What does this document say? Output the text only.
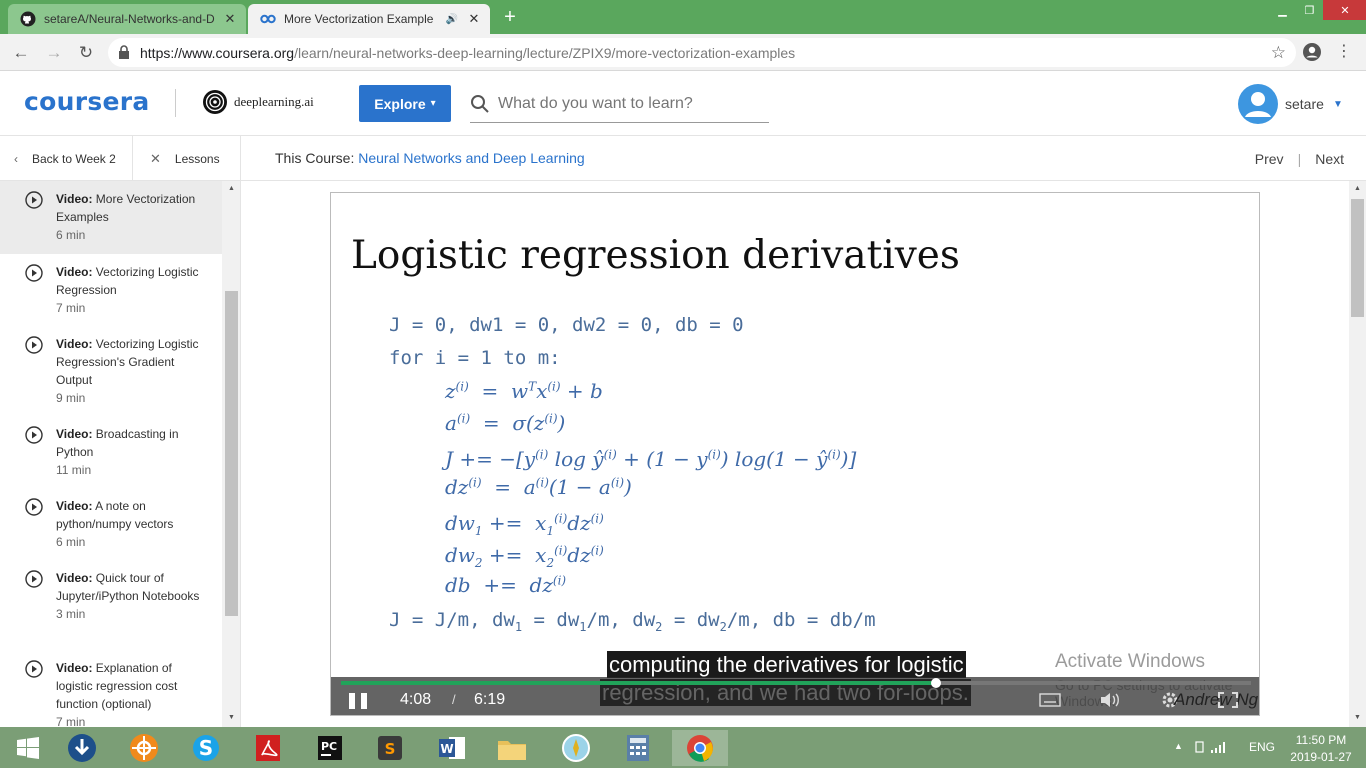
setareA/Neural-Networks-and-D ✕	More Vectorization Example	🔊 ✕	+	▁	❐	✕
← → ↻	https://www.coursera.org /learn/neural-networks-deep-learning/lecture/ZPIX9/more-vectorization-examples	☆	⋮
coursera	deeplearning.ai	Explore ▾
What do you want to learn?	setare ▼
‹ Back to Week 2	✕ Lessons	This Course: Neural Networks and Deep Learning	Prev | Next
Video: More Vectorization Examples
6 min
Video: Vectorizing Logistic Regression
7 min
Video: Vectorizing Logistic Regression's Gradient Output
9 min
Video: Broadcasting in Python
11 min
Video: A note on python/numpy vectors
6 min
Video: Quick tour of Jupyter/iPython Notebooks
3 min
Video: Explanation of logistic regression cost function (optional)
7 min
▲
▼
▲
▼
Logistic regression derivatives
J = 0, dw1 = 0, dw2 = 0, db = 0
for i = 1 to m:
$z^{(i)} = w^Tx^{(i)} + b$
$a^{(i)} = \sigma(z^{(i)})$
$J += -[y^{(i)}$ $\log ŷ^{(i)} + (1 - y^{(i)}) \log(1$ − $ŷ^{(i)}$)]
$dz^{(i)} = a^{(i)}(1 - a^{(i)})$
$dw_1 += x_1^{(i)}dz^{(i)}$
$dw_2 += x_2^{(i)}dz^{(i)}$
db  +=  $dz^{(i)}$
J = J/m, $dw_1 = dw_1/m$, $dw_2 = dw_2/m$, db = db/m
computing the derivatives for logistic	Activate Windows
4:08 / 6:19	Andrew Ng
S	PC	S	W	▲	ENG	11:50 PM
2019-01-27
